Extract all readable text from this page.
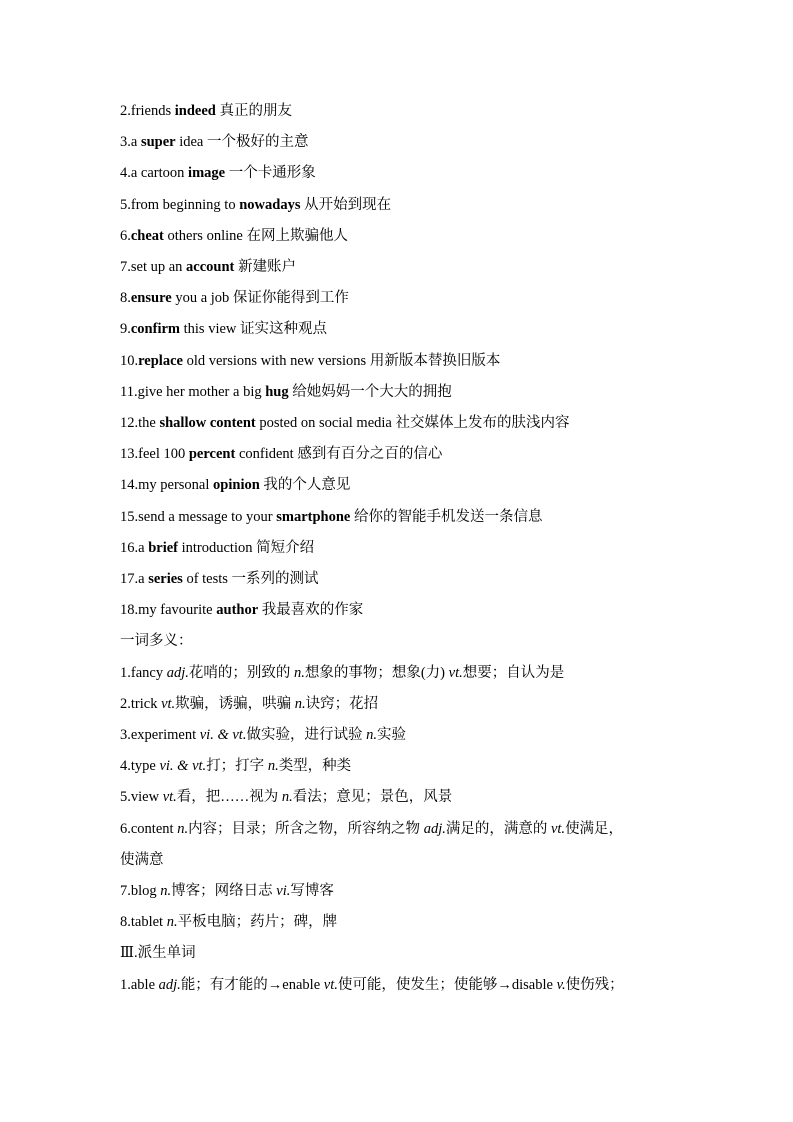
2.friends indeed 真正的朋友
3.a super idea 一个极好的主意
4.a cartoon image 一个卡通形象
5.from beginning to nowadays 从开始到现在
6.cheat others online 在网上欺骗他人
7.set up an account 新建账户
8.ensure you a job 保证你能得到工作
9.confirm this view 证实这种观点
10.replace old versions with new versions 用新版本替换旧版本
11.give her mother a big hug 给她妈妈一个大大的拥抱
12.the shallow content posted on social media 社交媒体上发布的肤浅内容
13.feel 100 percent confident 感到有百分之百的信心
14.my personal opinion 我的个人意见
15.send a message to your smartphone 给你的智能手机发送一条信息
16.a brief introduction 简短介绍
17.a series of tests 一系列的测试
18.my favourite author 我最喜欢的作家
一词多义：
1.fancy adj.花哨的；别致的 n.想象的事物；想象(力) vt.想要；自认为是
2.trick vt.欺骗，诱骗，哄骗 n.诀窍；花招
3.experiment vi. & vt.做实验，进行试验 n.实验
4.type vi. & vt.打；打字 n.类型，种类
5.view vt.看，把……视为 n.看法；意见；景色，风景
6.content n.内容；目录；所含之物，所容纳之物 adj.满足的，满意的 vt.使满足，
使满意
7.blog n.博客；网络日志 vi.写博客
8.tablet n.平板电脑；药片；碑，牌
Ⅲ.派生单词
1.able adj.能；有才能的→enable vt.使可能，使发生；使能够→disable v.使伤残；
